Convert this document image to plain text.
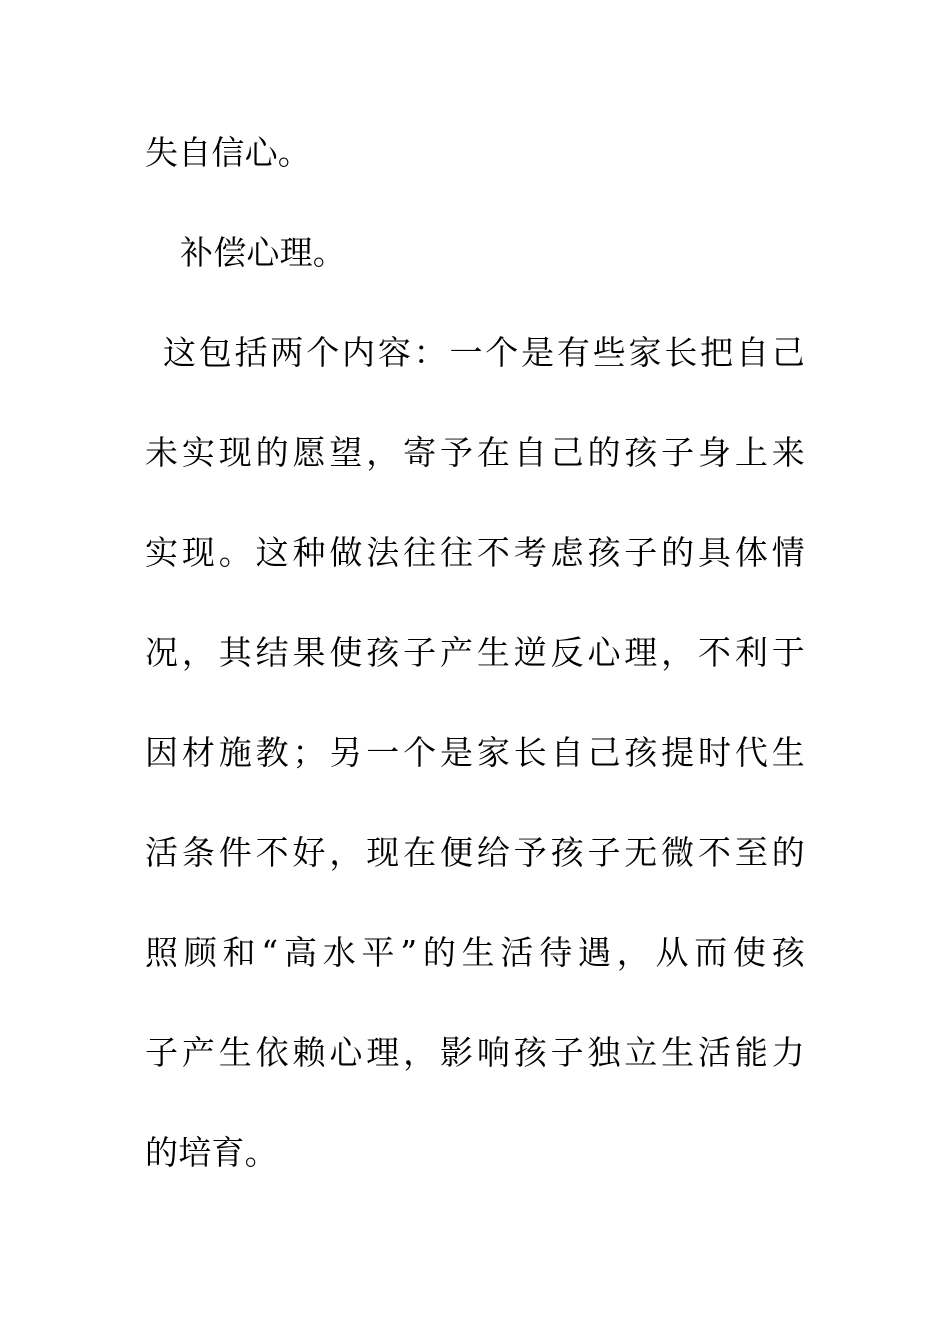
失自信心。
补偿心理。
这包括两个内容：一个是有些家长把自己
未实现的愿望，寄予在自己的孩子身上来
实现。这种做法往往不考虑孩子的具体情
况，其结果使孩子产生逆反心理，不利于
因材施教；另一个是家长自己孩提时代生
活条件不好，现在便给予孩子无微不至的
照顾和“高水平”的生活待遇，从而使孩
子产生依赖心理，影响孩子独立生活能力
的培育。
